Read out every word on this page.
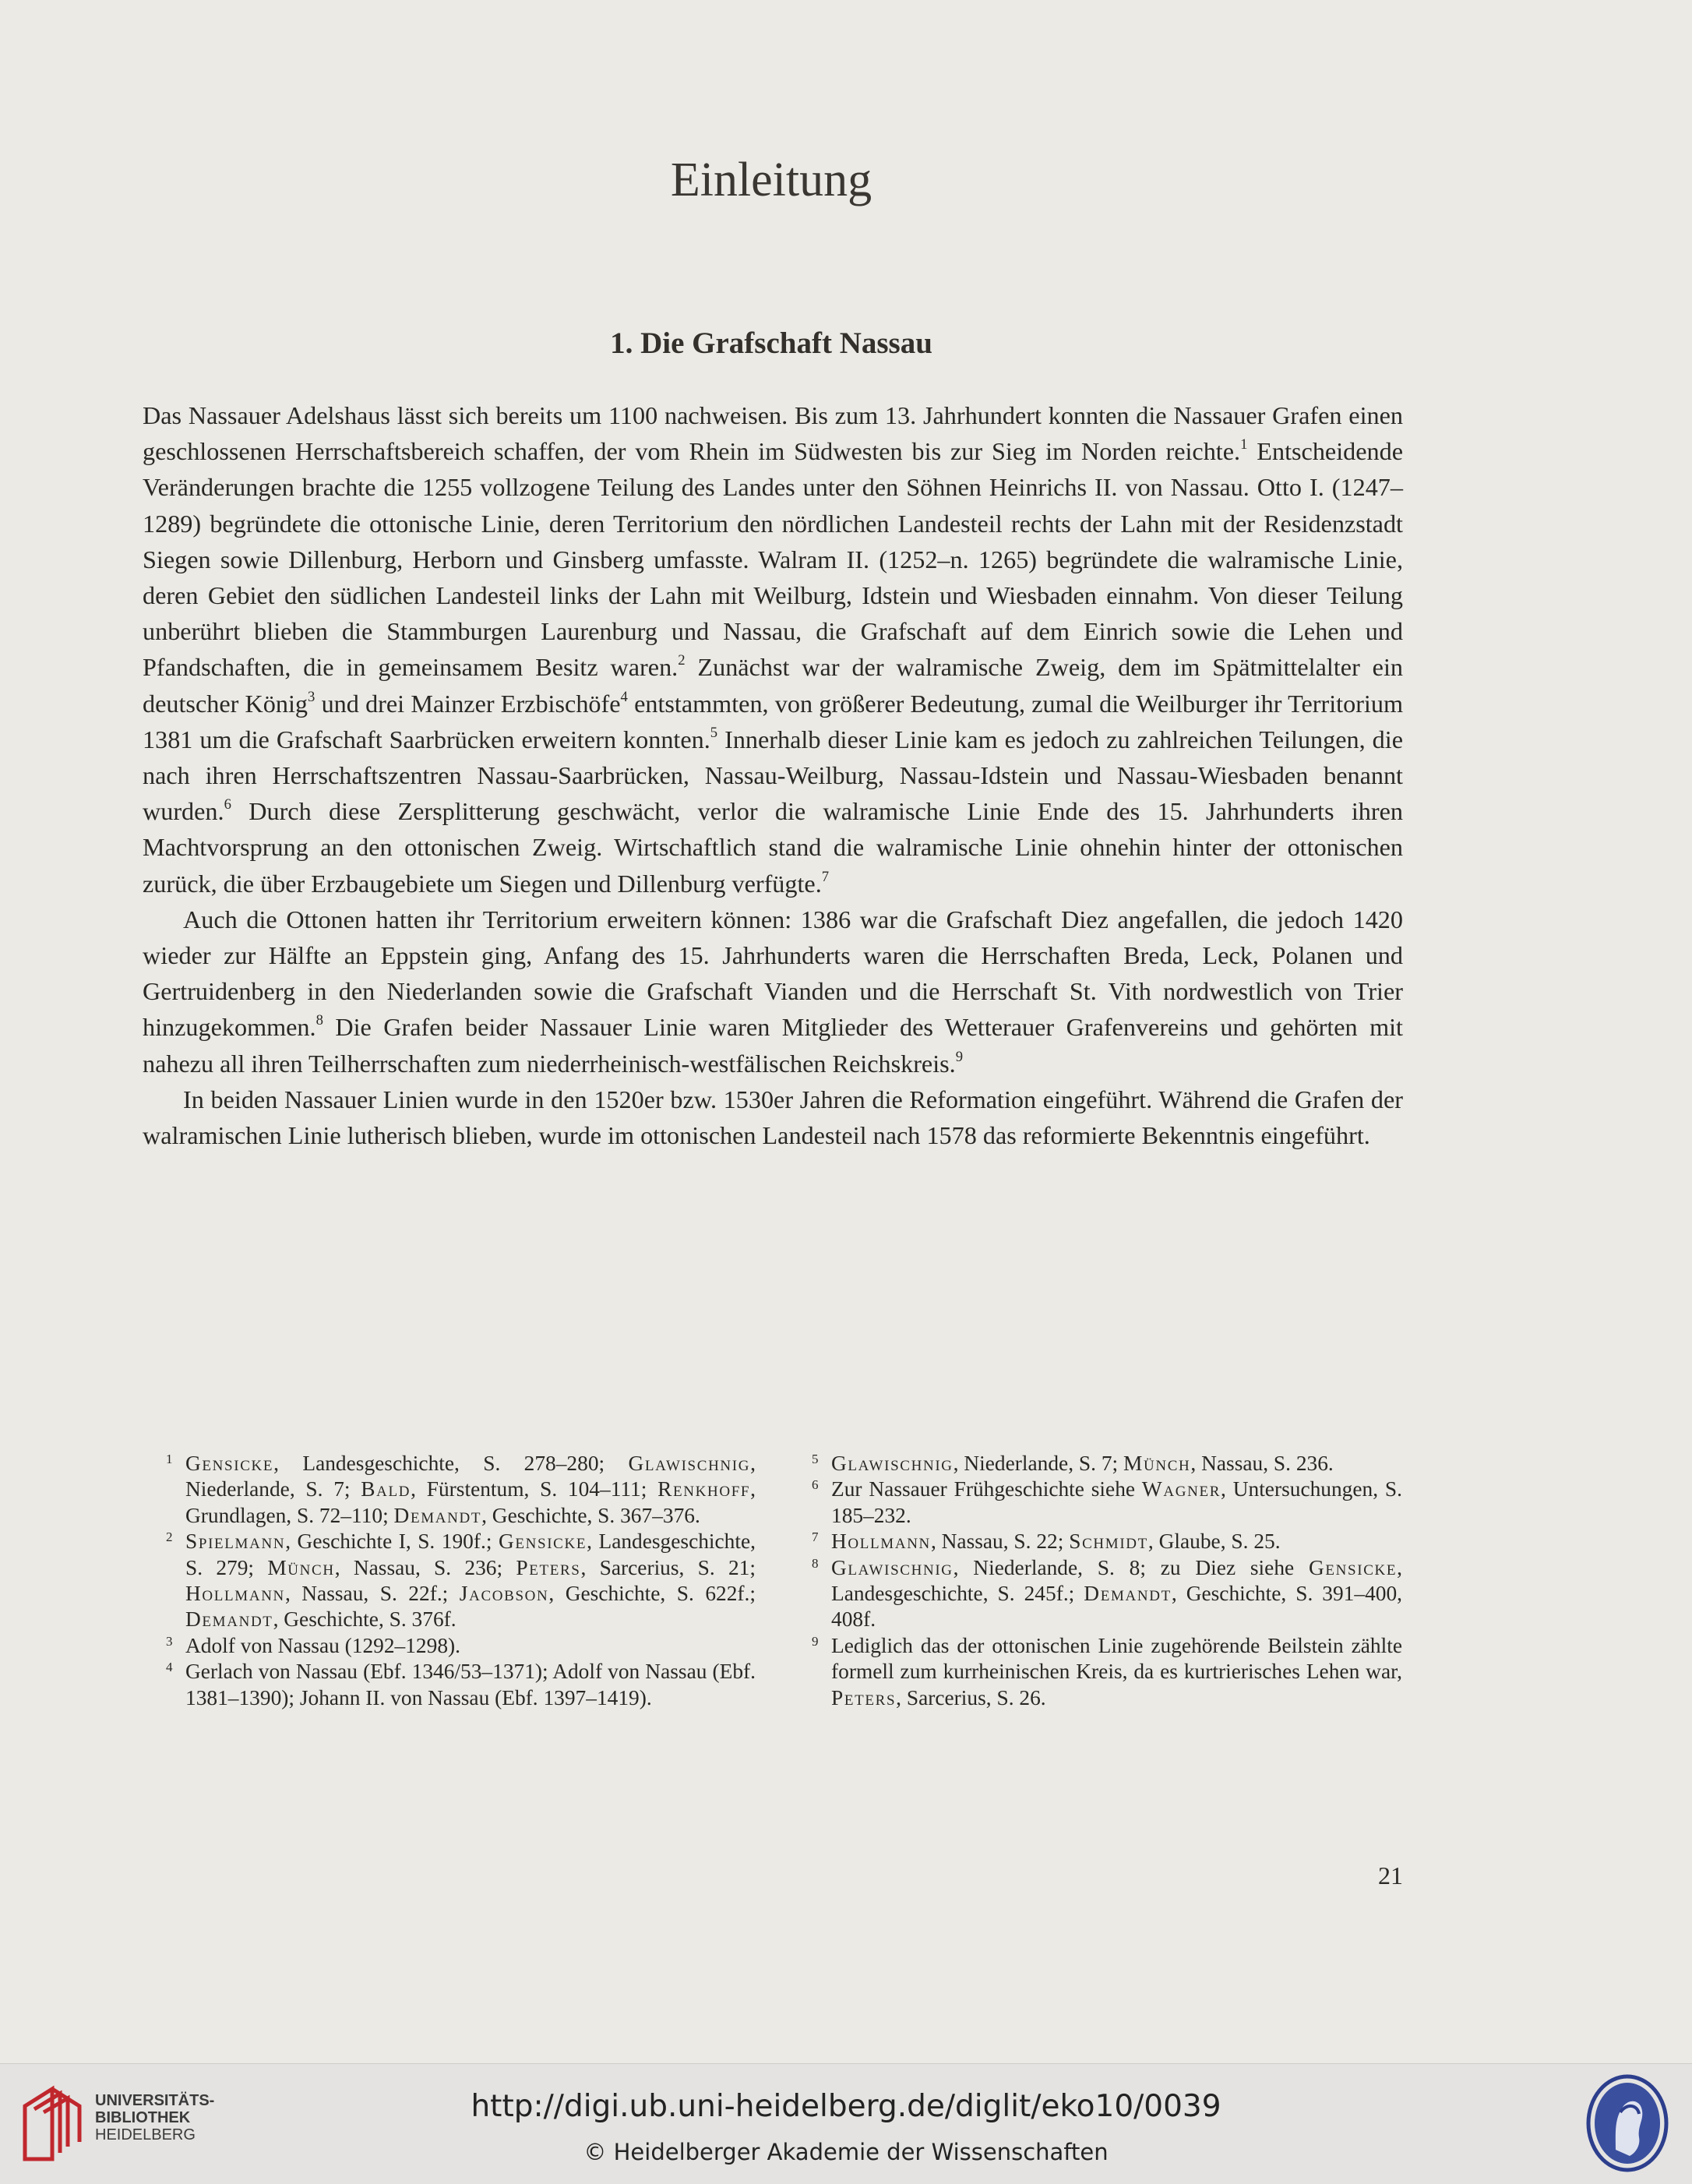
Einleitung
1. Die Grafschaft Nassau

Das Nassauer Adelshaus lässt sich bereits um 1100 nachweisen. Bis zum 13. Jahrhundert konnten die Nassauer Grafen einen geschlossenen Herrschaftsbereich schaffen, der vom Rhein im Südwesten bis zur Sieg im Norden reichte.$^1$ Entscheidende Veränderungen brachte die 1255 vollzogene Teilung des Landes unter den Söhnen Heinrichs II. von Nassau. Otto I. (1247–1289) begründete die ottonische Linie, deren Territorium den nördlichen Landesteil rechts der Lahn mit der Residenzstadt Siegen sowie Dillenburg, Herborn und Ginsberg umfasste. Walram II. (1252–n. 1265) begründete die walramische Linie, deren Gebiet den südlichen Landesteil links der Lahn mit Weilburg, Idstein und Wiesbaden einnahm. Von dieser Teilung unberührt blieben die Stammburgen Laurenburg und Nassau, die Grafschaft auf dem Einrich sowie die Lehen und Pfandschaften, die in gemeinsamem Besitz waren.$^2$ Zunächst war der walramische Zweig, dem im Spätmittelalter ein deutscher König$^3$ und drei Mainzer Erzbischöfe$^4$ entstammten, von größerer Bedeutung, zumal die Weilburger ihr Territorium 1381 um die Grafschaft Saarbrücken erweitern konnten.$^5$ Innerhalb dieser Linie kam es jedoch zu zahlreichen Teilungen, die nach ihren Herrschaftszentren Nassau-Saarbrücken, Nassau-Weilburg, Nassau-Idstein und Nassau-Wiesbaden benannt wurden.$^6$ Durch diese Zersplitterung geschwächt, verlor die walramische Linie Ende des 15. Jahrhunderts ihren Machtvorsprung an den ottonischen Zweig. Wirtschaftlich stand die walramische Linie ohnehin hinter der ottonischen zurück, die über Erzbaugebiete um Siegen und Dillenburg verfügte.$^7$

Auch die Ottonen hatten ihr Territorium erweitern können: 1386 war die Grafschaft Diez angefallen, die jedoch 1420 wieder zur Hälfte an Eppstein ging, Anfang des 15. Jahrhunderts waren die Herrschaften Breda, Leck, Polanen und Gertruidenberg in den Niederlanden sowie die Grafschaft Vianden und die Herrschaft St. Vith nordwestlich von Trier hinzugekommen.$^8$ Die Grafen beider Nassauer Linie waren Mitglieder des Wetterauer Grafenvereins und gehörten mit nahezu all ihren Teilherrschaften zum niederrheinisch-westfälischen Reichskreis.$^9$

In beiden Nassauer Linien wurde in den 1520er bzw. 1530er Jahren die Reformation eingeführt. Während die Grafen der walramischen Linie lutherisch blieben, wurde im ottonischen Landesteil nach 1578 das reformierte Bekenntnis eingeführt.

1 Gensicke, Landesgeschichte, S. 278–280; Glawischnig, Niederlande, S. 7; Bald, Fürstentum, S. 104–111; Renkhoff, Grundlagen, S. 72–110; Demandt, Geschichte, S. 367–376.
2 Spielmann, Geschichte I, S. 190f.; Gensicke, Landesgeschichte, S. 279; Münch, Nassau, S. 236; Peters, Sarcerius, S. 21; Hollmann, Nassau, S. 22f.; Jacobson, Geschichte, S. 622f.; Demandt, Geschichte, S. 376f.
3 Adolf von Nassau (1292–1298).
4 Gerlach von Nassau (Ebf. 1346/53–1371); Adolf von Nassau (Ebf. 1381–1390); Johann II. von Nassau (Ebf. 1397–1419).
5 Glawischnig, Niederlande, S. 7; Münch, Nassau, S. 236.
6 Zur Nassauer Frühgeschichte siehe Wagner, Untersuchungen, S. 185–232.
7 Hollmann, Nassau, S. 22; Schmidt, Glaube, S. 25.
8 Glawischnig, Niederlande, S. 8; zu Diez siehe Gensicke, Landesgeschichte, S. 245f.; Demandt, Geschichte, S. 391–400, 408f.
9 Lediglich das der ottonischen Linie zugehörende Beilstein zählte formell zum kurrheinischen Kreis, da es kurtrierisches Lehen war, Peters, Sarcerius, S. 26.
21
UNIVERSITÄTS-
BIBLIOTHEK
HEIDELBERG
http://digi.ub.uni-heidelberg.de/diglit/eko10/0039
© Heidelberger Akademie der Wissenschaften
